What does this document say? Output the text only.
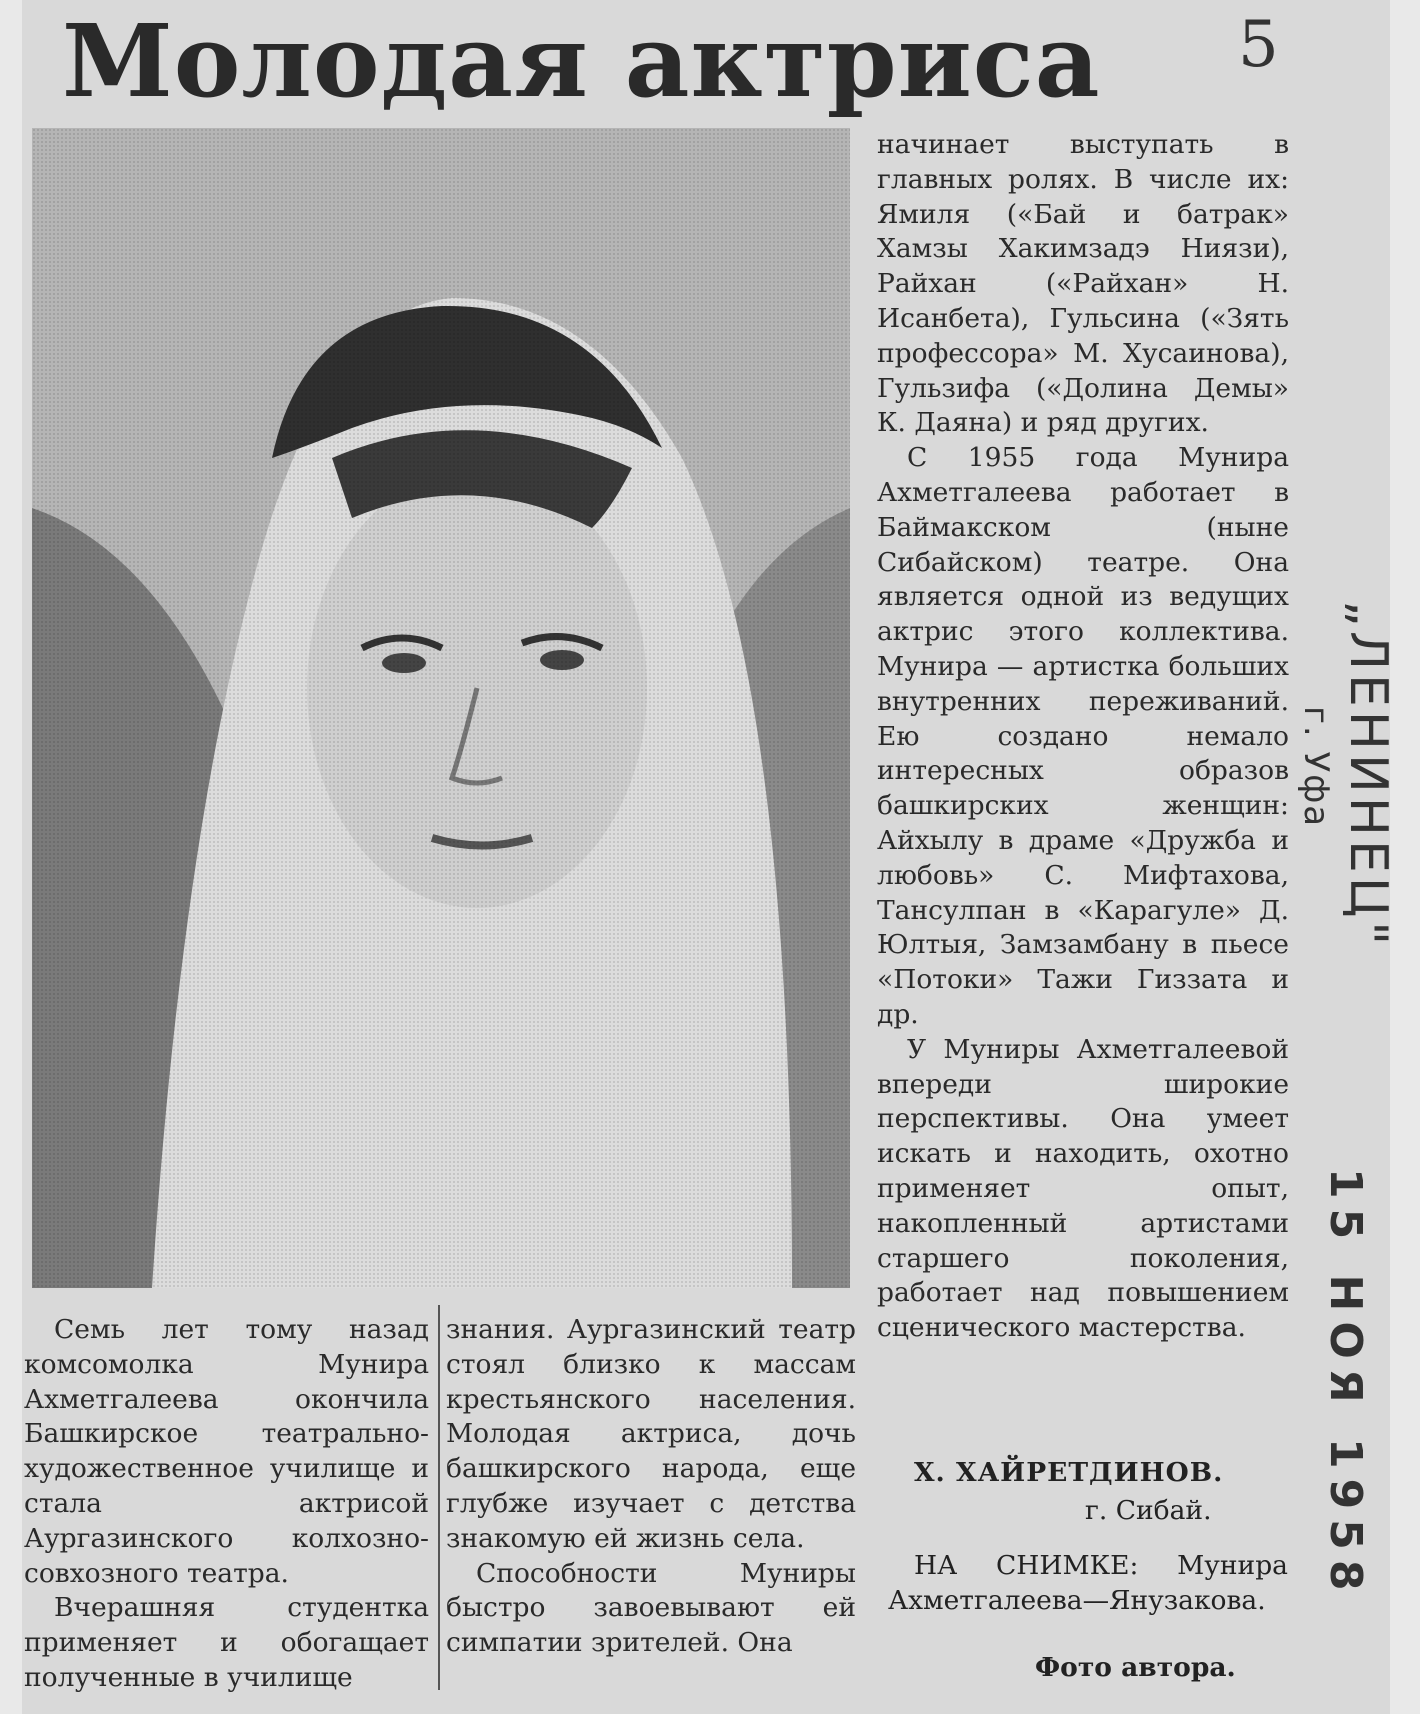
Молодая актриса 5

начинает выступать в главных ролях. В числе их: Ямиля («Бай и батрак» Хамзы Хакимзадэ Ниязи), Райхан («Райхан» Н. Исанбета), Гульсина («Зять профессора» М. Хусаинова), Гульзифа («Долина Демы» К. Даяна) и ряд других.

С 1955 года Мунира Ахметгалеева работает в Баймакском (ныне Сибайском) театре. Она является одной из ведущих актрис этого коллектива. Мунира — артистка больших внутренних переживаний. Ею создано немало интересных образов башкирских женщин: Айхылу в драме «Дружба и любовь» С. Мифтахова, Тансулпан в «Карагуле» Д. Юлтыя, Замзамбану в пьесе «Потоки» Тажи Гиззата и др.

У Муниры Ахметгалеевой впереди широкие перспективы. Она умеет искать и находить, охотно применяет опыт, накопленный артистами старшего поколения, работает над повышением сценического мастерства.

Х. ХАЙРЕТДИНОВ.
г. Сибай.

НА СНИМКЕ: Мунира Ахметгалеева—Янузакова.

Фото автора.

Семь лет тому назад комсомолка Мунира Ахметгалеева окончила Башкирское театрально-художественное училище и стала актрисой Аургазинского колхозно-совхозного театра.

Вчерашняя студентка применяет и обогащает полученные в училище

знания. Аургазинский театр стоял близко к массам крестьянского населения. Молодая актриса, дочь башкирского народа, еще глубже изучает с детства знакомую ей жизнь села.

Способности Муниры быстро завоевывают ей симпатии зрителей. Она

„ЛЕНИНЕЦ"
г. Уфа
15 НОЯ 1958
